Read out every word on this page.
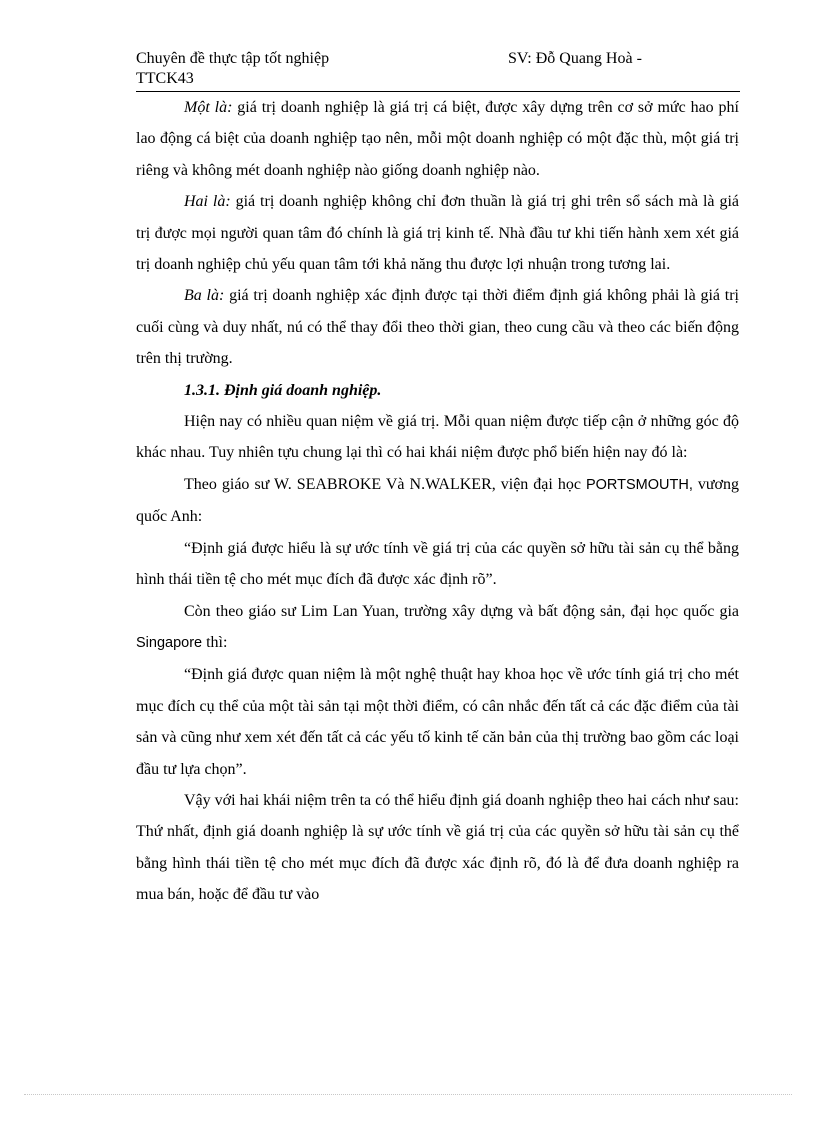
Chuyên đề thực tập tốt nghiệp
TTCK43
SV: Đỗ Quang Hoà -

Một là: giá trị doanh nghiệp là giá trị cá biệt, được xây dựng trên cơ sở mức hao phí lao động cá biệt của doanh nghiệp tạo nên, mỗi một doanh nghiệp có một đặc thù, một giá trị riêng và không mét doanh nghiệp nào giống doanh nghiệp nào.

Hai là: giá trị doanh nghiệp không chỉ đơn thuần là giá trị ghi trên sổ sách mà là giá trị được mọi người quan tâm đó chính là giá trị kinh tế. Nhà đầu tư khi tiến hành xem xét giá trị doanh nghiệp chủ yếu quan tâm tới khả năng thu được lợi nhuận trong tương lai.

Ba là: giá trị doanh nghiệp xác định được tại thời điểm định giá không phải là giá trị cuối cùng và duy nhất, nú có thể thay đổi theo thời gian, theo cung cầu và theo các biến động trên thị trường.

1.3.1. Định giá doanh nghiệp.

Hiện nay có nhiều quan niệm về giá trị. Mỗi quan niệm được tiếp cận ở những góc độ khác nhau. Tuy nhiên tựu chung lại thì có hai khái niệm được phổ biến hiện nay đó là:

Theo giáo sư W. SEABROKE Và N.WALKER, viện đại học PORTSMOUTH, vương quốc Anh:

“Định giá được hiểu là sự ước tính về giá trị của các quyền sở hữu tài sản cụ thể bằng hình thái tiền tệ cho mét mục đích đã được xác định rõ”.

Còn theo giáo sư Lim Lan Yuan, trường xây dựng và bất động sản, đại học quốc gia Singapore thì:

“Định giá được quan niệm là một nghệ thuật hay khoa học về ước tính giá trị cho mét mục đích cụ thể của một tài sản tại một thời điểm, có cân nhắc đến tất cả các đặc điểm của tài sản và cũng như xem xét đến tất cả các yếu tố kinh tế căn bản của thị trường bao gồm các loại đầu tư lựa chọn”.

Vậy với hai khái niệm trên ta có thể hiểu định giá doanh nghiệp theo hai cách như sau: Thứ nhất, định giá doanh nghiệp là sự ước tính về giá trị của các quyền sở hữu tài sản cụ thể bằng hình thái tiền tệ cho mét mục đích đã được xác định rõ, đó là để đưa doanh nghiệp ra mua bán, hoặc để đầu tư vào
